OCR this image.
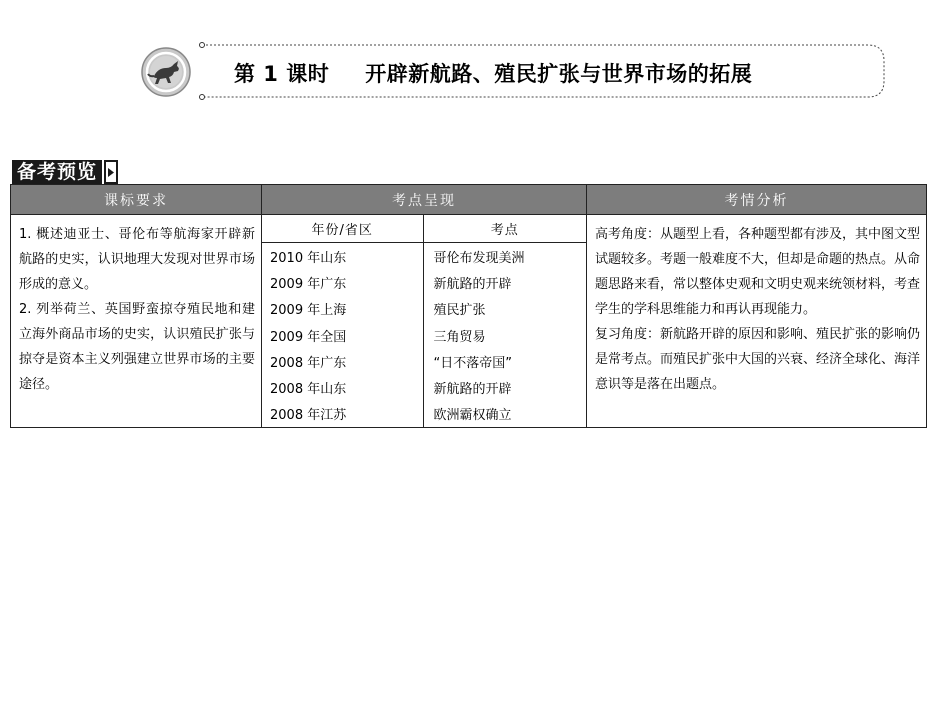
第 1 课时 开辟新航路、殖民扩张与世界市场的拓展
备考预览
课标要求	考点呈现	考情分析

1. 概述迪亚士、哥伦布等航海家开辟新航路的史实，认识地理大发现对世界市场形成的意义。

2. 列举荷兰、英国野蛮掠夺殖民地和建立海外商品市场的史实，认识殖民扩张与掠夺是资本主义列强建立世界市场的主要途径。

年份/省区	考点
2010 年山东	哥伦布发现美洲
2009 年广东	新航路的开辟
2009 年上海	殖民扩张
2009 年全国	三角贸易
2008 年广东	“日不落帝国”
2008 年山东	新航路的开辟
2008 年江苏	欧洲霸权确立

高考角度：从题型上看，各种题型都有涉及，其中图文型试题较多。考题一般难度不大，但却是命题的热点。从命题思路来看，常以整体史观和文明史观来统领材料，考查学生的学科思维能力和再认再现能力。

复习角度：新航路开辟的原因和影响、殖民扩张的影响仍是常考点。而殖民扩张中大国的兴衰、经济全球化、海洋意识等是落在出题点。
